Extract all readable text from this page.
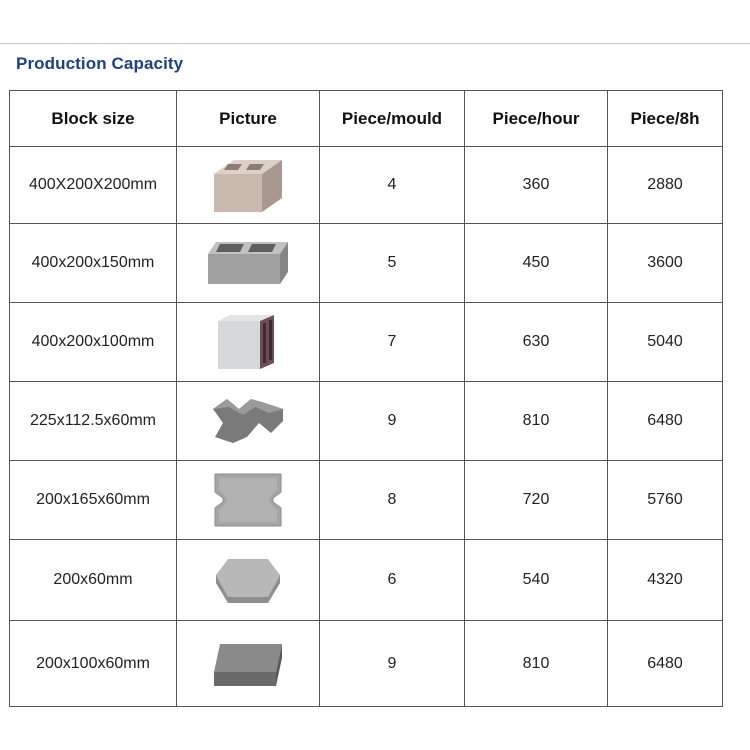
Production Capacity
Block size	Picture	Piece/mould	Piece/hour	Piece/8h
400X200X200mm		4	360	2880
400x200x150mm		5	450	3600
400x200x100mm		7	630	5040
225x112.5x60mm		9	810	6480
200x165x60mm		8	720	5760
200x60mm		6	540	4320
200x100x60mm		9	810	6480
